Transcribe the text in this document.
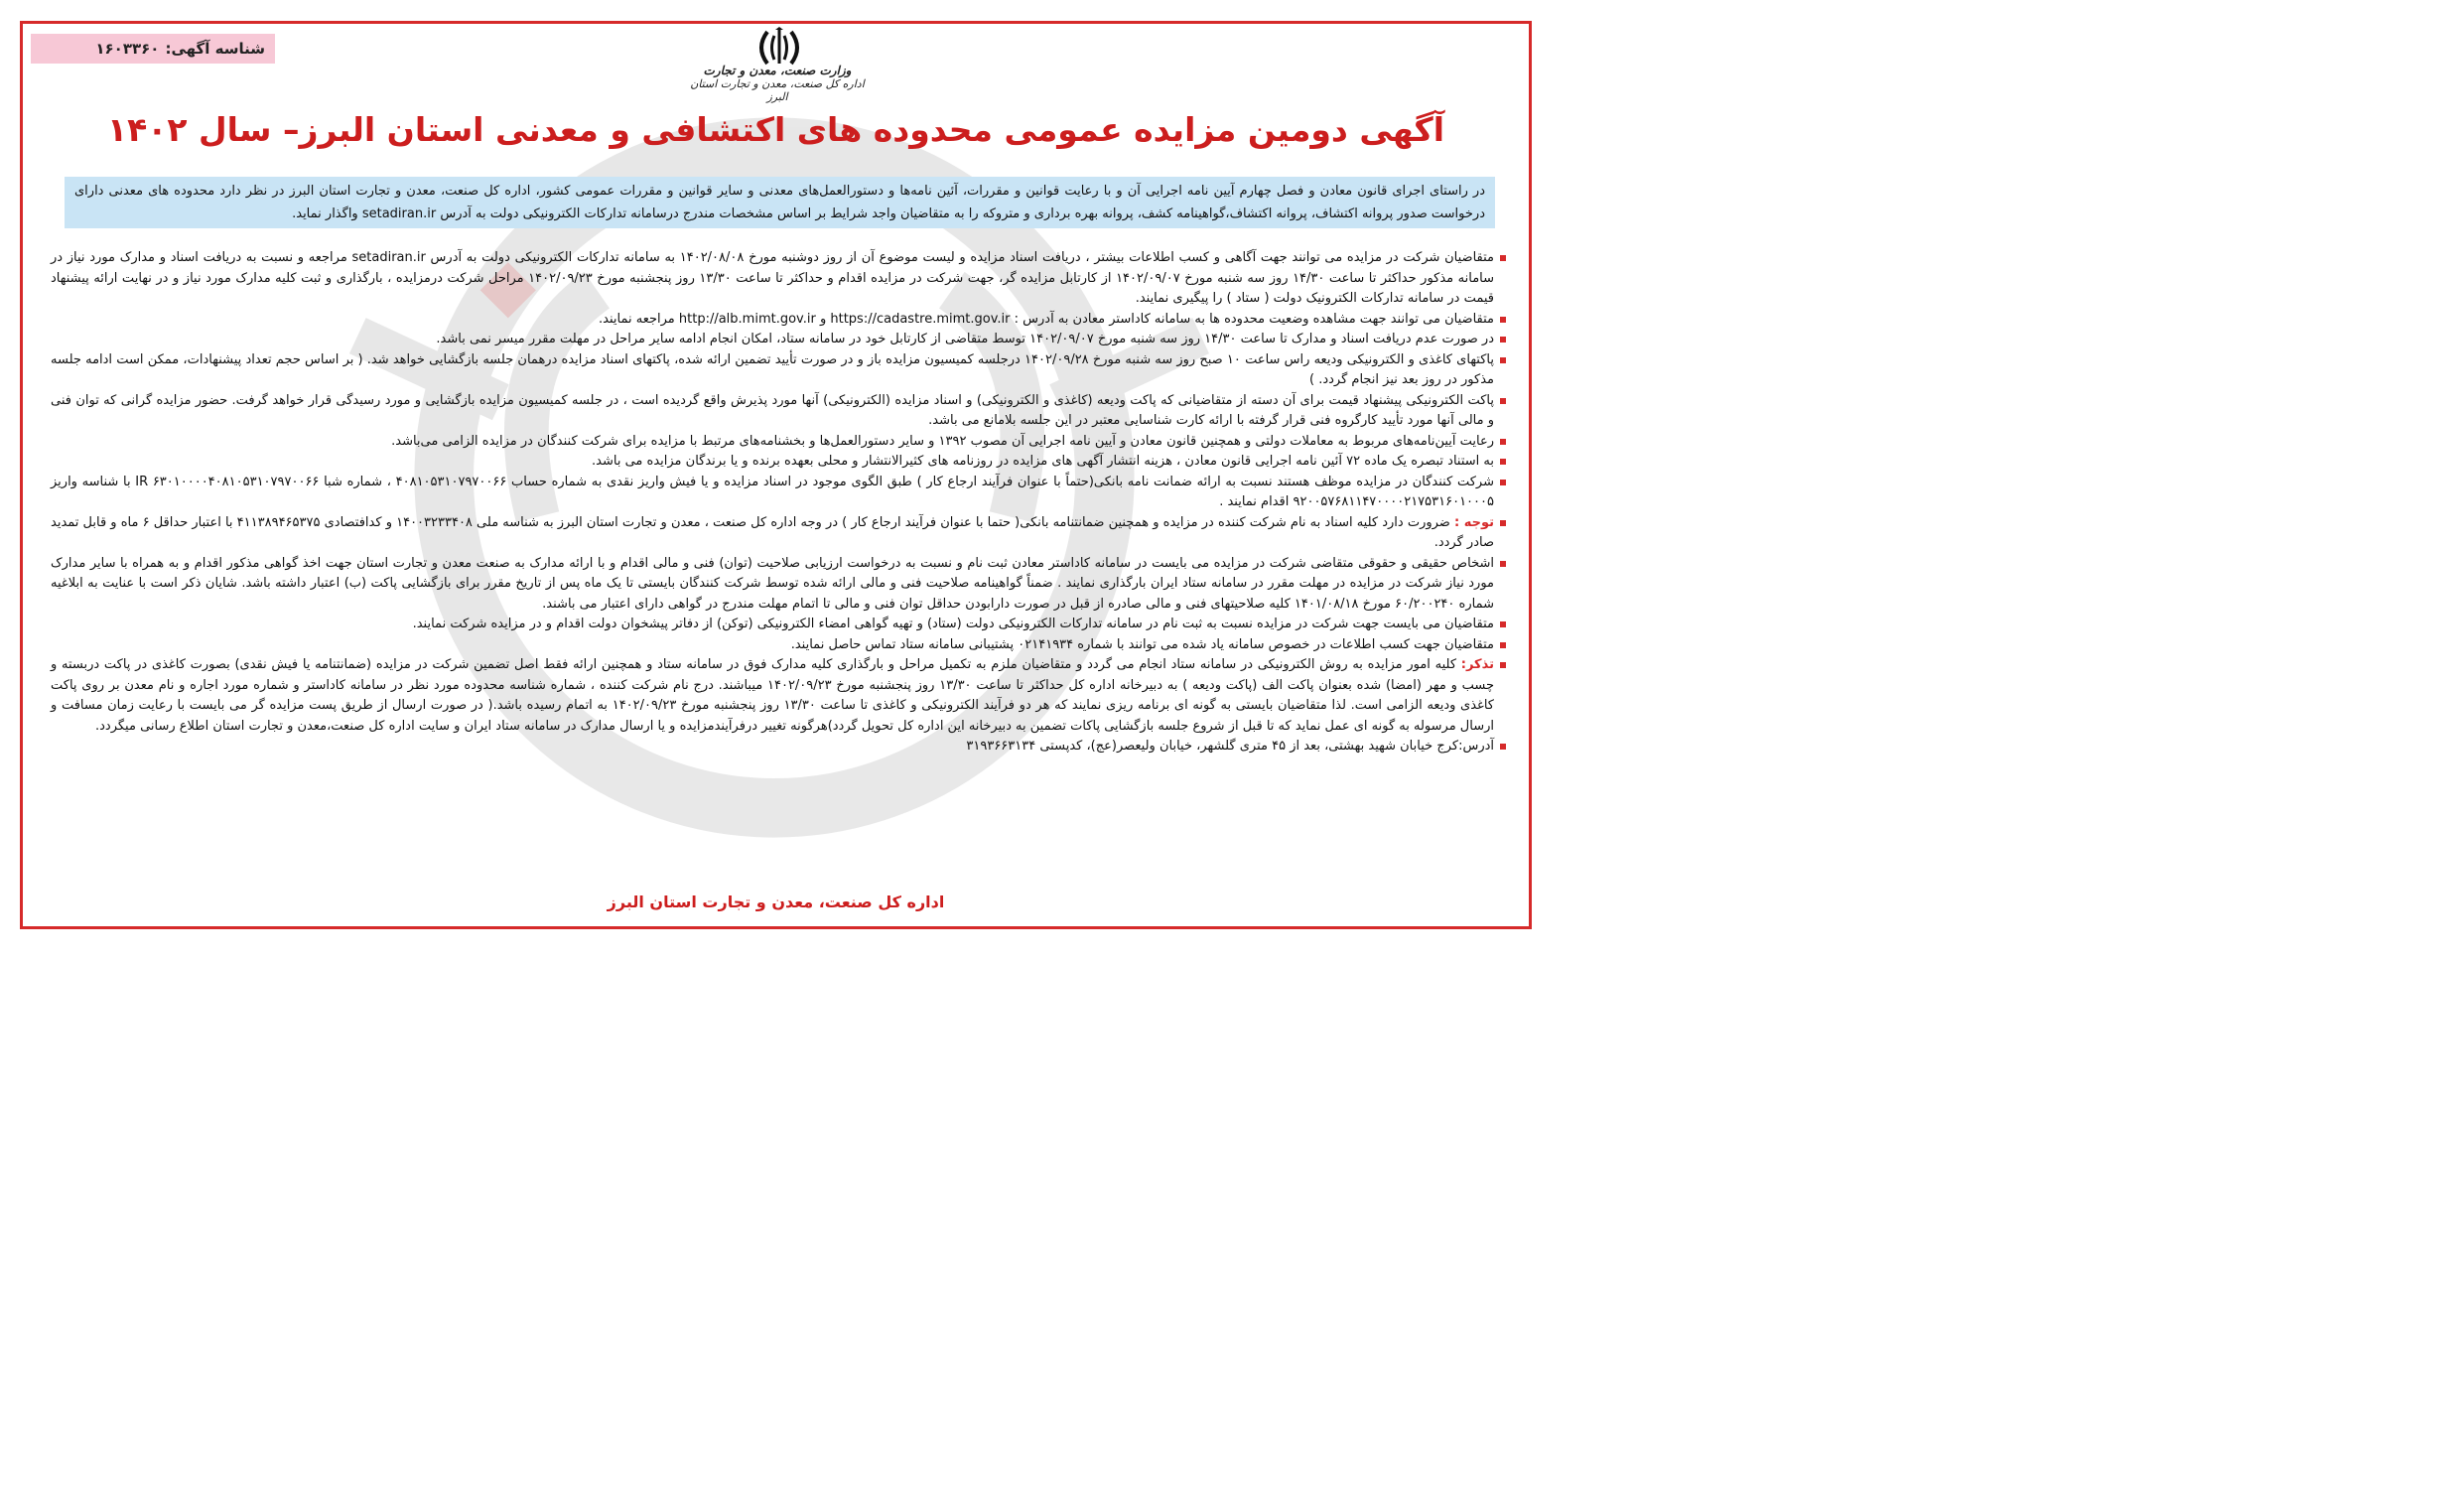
شناسه آگهی:
۱۶۰۳۳۶۰
وزارت صنعت، معدن و تجارت
اداره کل صنعت، معدن و تجارت استان البرز
آگهی دومین مزایده عمومی محدوده های اکتشافی و معدنی استان البرز– سال ۱۴۰۲
در راستای اجرای قانون معادن و فصل چهارم آیین نامه اجرایی آن و با رعایت قوانین و مقررات، آئین نامه‌ها و دستورالعمل‌های معدنی و سایر قوانین و مقررات عمومی کشور، اداره کل صنعت، معدن و تجارت استان البرز در نظر دارد محدوده های معدنی دارای درخواست صدور پروانه اکتشاف، پروانه اکتشاف،گواهینامه کشف، پروانه بهره برداری و متروکه را به متقاضیان واجد شرایط بر اساس مشخصات مندرج درسامانه تدارکات الکترونیکی دولت به آدرس setadiran.ir واگذار نماید.
متقاضیان شرکت در مزایده می توانند جهت آگاهی و کسب اطلاعات بیشتر ، دریافت اسناد مزایده و لیست موضوع آن از روز دوشنبه مورخ ۱۴۰۲/۰۸/۰۸ به سامانه تدارکات الکترونیکی دولت به آدرس setadiran.ir مراجعه و نسبت به دریافت اسناد و مدارک مورد نیاز در سامانه مذکور حداکثر تا ساعت ۱۴/۳۰ روز سه شنبه مورخ ۱۴۰۲/۰۹/۰۷ از کارتابل مزایده گر، جهت شرکت در مزایده اقدام و حداکثر تا ساعت ۱۳/۳۰ روز پنجشنبه مورخ ۱۴۰۲/۰۹/۲۳ مراحل شرکت درمزایده ، بارگذاری و ثبت کلیه مدارک مورد نیاز و در نهایت ارائه پیشنهاد قیمت در سامانه تدارکات الکترونیک دولت ( ستاد ) را پیگیری نمایند.
متقاضیان می توانند جهت مشاهده وضعیت محدوده ها به سامانه کاداستر معادن به آدرس : https://cadastre.mimt.gov.ir و http://alb.mimt.gov.ir مراجعه نمایند.
در صورت عدم دریافت اسناد و مدارک تا ساعت ۱۴/۳۰ روز سه شنبه مورخ ۱۴۰۲/۰۹/۰۷ توسط متقاضی از کارتابل خود در سامانه ستاد، امکان انجام ادامه سایر مراحل در مهلت مقرر میسر نمی باشد.
پاکتهای کاغذی و الکترونیکی ودیعه راس ساعت ۱۰ صبح روز سه شنبه مورخ ۱۴۰۲/۰۹/۲۸ درجلسه کمیسیون مزایده باز و در صورت تأیید تضمین ارائه شده، پاکتهای اسناد مزایده درهمان جلسه بازگشایی خواهد شد. ( بر اساس حجم تعداد پیشنهادات، ممکن است ادامه جلسه مذکور در روز بعد نیز انجام گردد. )
پاکت الکترونیکی پیشنهاد قیمت برای آن دسته از متقاضیانی که پاکت ودیعه (کاغذی و الکترونیکی) و اسناد مزایده (الکترونیکی) آنها مورد پذیرش واقع گردیده است ، در جلسه کمیسیون مزایده بازگشایی و مورد رسیدگی قرار خواهد گرفت. حضور مزایده گرانی که توان فنی و مالی آنها مورد تأیید کارگروه فنی قرار گرفته با ارائه کارت شناسایی معتبر در این جلسه بلامانع می باشد.
رعایت آیین‌نامه‌های مربوط به معاملات دولتی و همچنین قانون معادن و آیین نامه اجرایی آن مصوب ۱۳۹۲ و سایر دستورالعمل‌ها و بخشنامه‌های مرتبط با مزایده برای شرکت کنندگان در مزایده الزامی می‌باشد.
به استناد تبصره یک ماده ۷۲ آئین نامه اجرایی قانون معادن ، هزینه انتشار آگهی های مزایده در روزنامه های کثیرالانتشار و محلی بعهده برنده و یا برندگان مزایده می باشد.
شرکت کنندگان در مزایده موظف هستند نسبت به ارائه ضمانت نامه بانکی(حتماً با عنوان فرآیند ارجاع کار ) طبق الگوی موجود در اسناد مزایده و یا فیش واریز نقدی به شماره حساب ۴۰۸۱۰۵۳۱۰۷۹۷۰۰۶۶ ، شماره شبا IR ۶۳۰۱۰۰۰۰۴۰۸۱۰۵۳۱۰۷۹۷۰۰۶۶ با شناسه واریز ۹۲۰۰۵۷۶۸۱۱۴۷۰۰۰۰۲۱۷۵۳۱۶۰۱۰۰۰۵ اقدام نمایند .
توجه : ضرورت دارد کلیه اسناد به نام شرکت کننده در مزایده و همچنین ضمانتنامه بانکی( حتما با عنوان فرآیند ارجاع کار ) در وجه اداره کل صنعت ، معدن و تجارت استان البرز به شناسه ملی ۱۴۰۰۳۲۳۳۴۰۸ و کدافتصادی ۴۱۱۳۸۹۴۶۵۳۷۵ با اعتبار حداقل ۶ ماه و قابل تمدید صادر گردد.
اشخاص حقیقی و حقوقی متقاضی شرکت در مزایده می بایست در سامانه کاداستر معادن ثبت نام و نسبت به درخواست ارزیابی صلاحیت (توان) فنی و مالی اقدام و با ارائه مدارک به صنعت معدن و تجارت استان جهت اخذ گواهی مذکور اقدام و به همراه با سایر مدارک مورد نیاز شرکت در مزایده در مهلت مقرر در سامانه ستاد ایران بارگذاری نمایند . ضمناً گواهینامه صلاحیت فنی و مالی ارائه شده توسط شرکت کنندگان بایستی تا یک ماه پس از تاریخ مقرر برای بازگشایی پاکت (ب) اعتبار داشته باشد. شایان ذکر است با عنایت به ابلاغیه شماره ۶۰/۲۰۰۲۴۰ مورخ ۱۴۰۱/۰۸/۱۸ کلیه صلاحیتهای فنی و مالی صادره از قبل در صورت دارابودن حداقل توان فنی و مالی تا اتمام مهلت مندرج در گواهی دارای اعتبار می باشند.
متقاضیان می بایست جهت شرکت در مزایده نسبت به ثبت نام در سامانه تدارکات الکترونیکی دولت (ستاد) و تهیه گواهی امضاء الکترونیکی (توکن) از دفاتر پیشخوان دولت اقدام و در مزایده شرکت نمایند.
متقاضیان جهت کسب اطلاعات در خصوص سامانه یاد شده می توانند با شماره ۰۲۱۴۱۹۳۴ پشتیبانی سامانه ستاد تماس حاصل نمایند.
تذکر: کلیه امور مزایده به روش الکترونیکی در سامانه ستاد انجام می گردد و متقاضیان ملزم به تکمیل مراحل و بارگذاری کلیه مدارک فوق در سامانه ستاد و همچنین ارائه فقط اصل تضمین شرکت در مزایده (ضمانتنامه یا فیش نقدی) بصورت کاغذی در پاکت دربسته و چسب و مهر (امضا) شده بعنوان پاکت الف (پاکت ودیعه ) به دبیرخانه اداره کل حداکثر تا ساعت ۱۳/۳۰ روز پنجشنبه مورخ ۱۴۰۲/۰۹/۲۳ میباشند. درج نام شرکت کننده ، شماره شناسه محدوده مورد نظر در سامانه کاداستر و شماره مورد اجاره و نام معدن بر روی پاکت کاغذی ودیعه الزامی است. لذا متقاضیان بایستی به گونه ای برنامه ریزی نمایند که هر دو فرآیند الکترونیکی و کاغذی تا ساعت ۱۳/۳۰ روز پنجشنبه مورخ ۱۴۰۲/۰۹/۲۳ به اتمام رسیده باشد.( در صورت ارسال از طریق پست مزایده گر می بایست با رعایت زمان مسافت و ارسال مرسوله به گونه ای عمل نماید که تا قبل از شروع جلسه بازگشایی پاکات تضمین به دبیرخانه این اداره کل تحویل گردد)هرگونه تغییر درفرآیندمزایده و یا ارسال مدارک در سامانه ستاد ایران و سایت اداره کل صنعت،معدن و تجارت استان اطلاع رسانی میگردد.
آدرس:کرج خیابان شهید بهشتی، بعد از ۴۵ متری گلشهر، خیابان ولیعصر(عج)، کدپستی ۳۱۹۳۶۶۳۱۳۴
اداره کل صنعت، معدن و تجارت استان البرز
